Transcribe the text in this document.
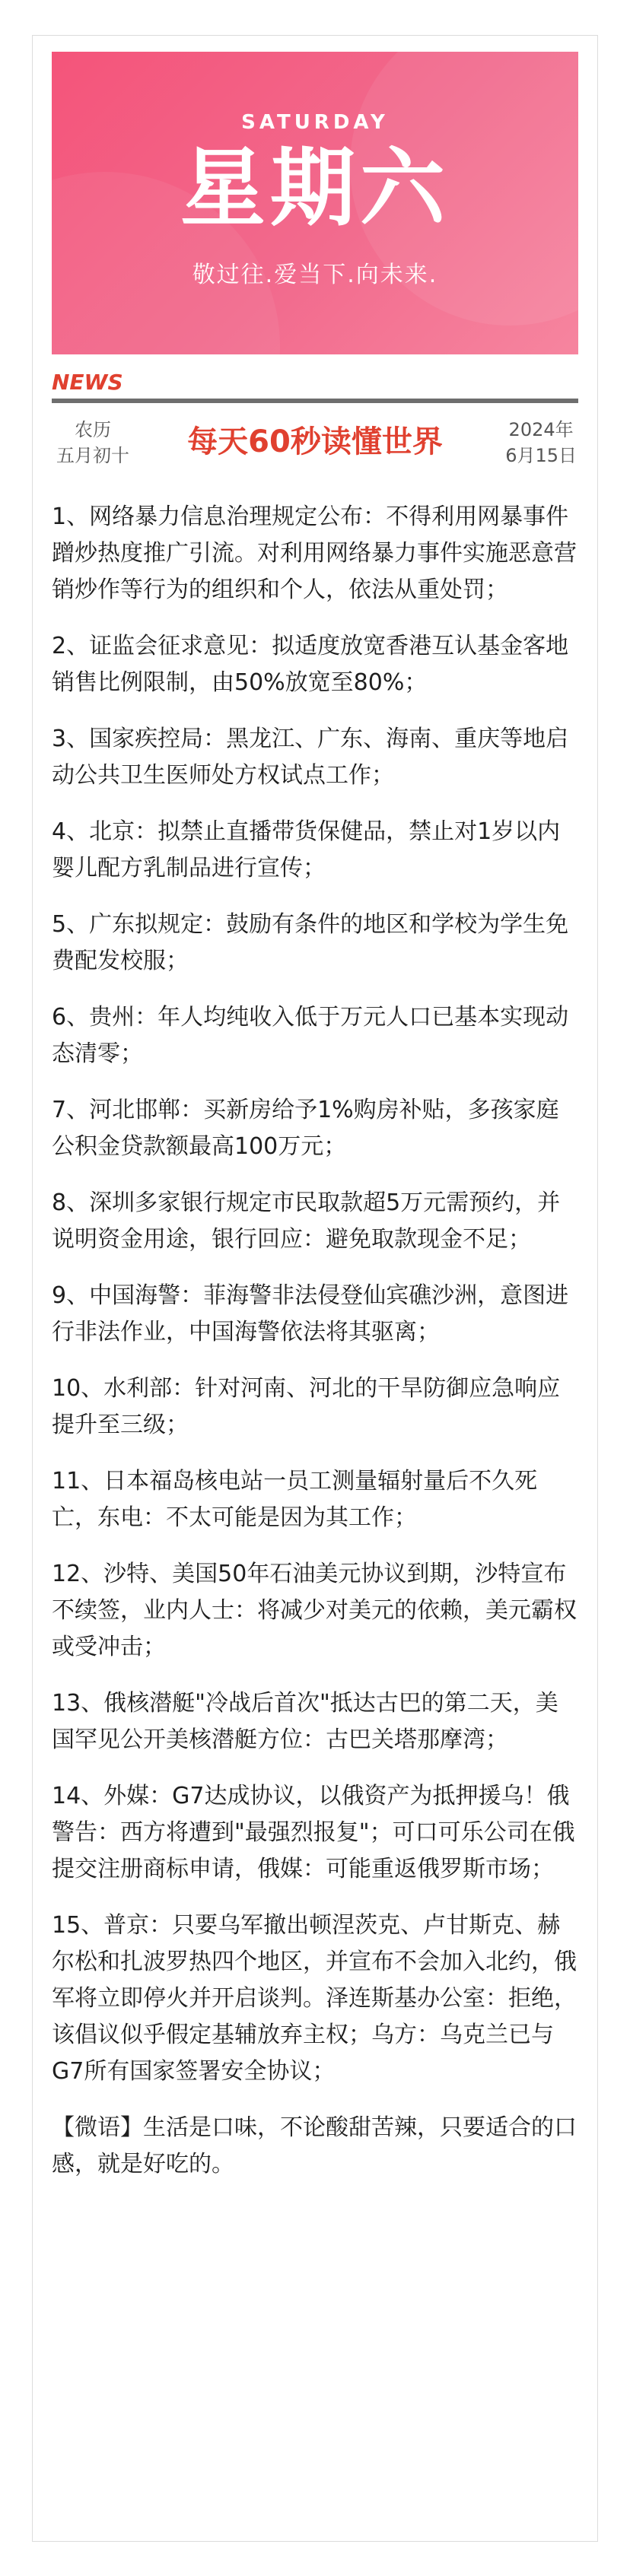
SATURDAY
星期六
敬过往.爱当下.向未来.
NEWS
农历
五月初十	每天60秒读懂世界	2024年
6月15日

1、网络暴力信息治理规定公布：不得利用网暴事件蹭炒热度推广引流。对利用网络暴力事件实施恶意营销炒作等行为的组织和个人，依法从重处罚；

2、证监会征求意见：拟适度放宽香港互认基金客地销售比例限制，由50%放宽至80%；

3、国家疾控局：黑龙江、广东、海南、重庆等地启动公共卫生医师处方权试点工作；

4、北京：拟禁止直播带货保健品，禁止对1岁以内婴儿配方乳制品进行宣传；

5、广东拟规定：鼓励有条件的地区和学校为学生免费配发校服；

6、贵州：年人均纯收入低于万元人口已基本实现动态清零；

7、河北邯郸：买新房给予1%购房补贴，多孩家庭公积金贷款额最高100万元；

8、深圳多家银行规定市民取款超5万元需预约，并说明资金用途，银行回应：避免取款现金不足；

9、中国海警：菲海警非法侵登仙宾礁沙洲，意图进行非法作业，中国海警依法将其驱离；

10、水利部：针对河南、河北的干旱防御应急响应提升至三级；

11、日本福岛核电站一员工测量辐射量后不久死亡，东电：不太可能是因为其工作；

12、沙特、美国50年石油美元协议到期，沙特宣布不续签，业内人士：将减少对美元的依赖，美元霸权或受冲击；

13、俄核潜艇"冷战后首次"抵达古巴的第二天，美国罕见公开美核潜艇方位：古巴关塔那摩湾；

14、外媒：G7达成协议，以俄资产为抵押援乌！俄警告：西方将遭到"最强烈报复"；可口可乐公司在俄提交注册商标申请，俄媒：可能重返俄罗斯市场；

15、普京：只要乌军撤出顿涅茨克、卢甘斯克、赫尔松和扎波罗热四个地区，并宣布不会加入北约，俄军将立即停火并开启谈判。泽连斯基办公室：拒绝，该倡议似乎假定基辅放弃主权；乌方：乌克兰已与G7所有国家签署安全协议；

【微语】生活是口味，不论酸甜苦辣，只要适合的口感，就是好吃的。
